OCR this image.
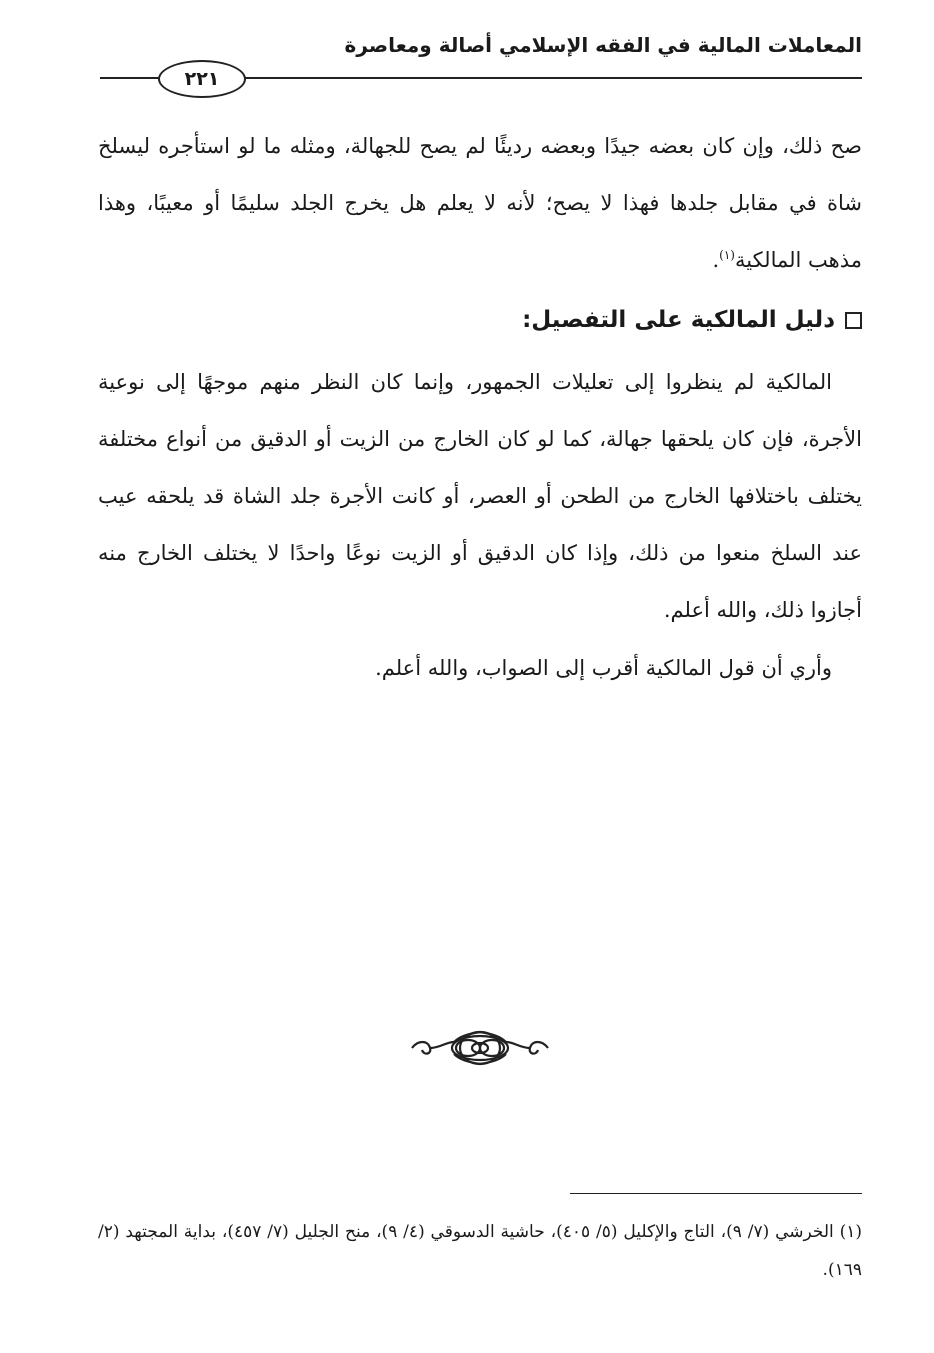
المعاملات المالية في الفقه الإسلامي أصالة ومعاصرة
٢٢١
صح ذلك، وإن كان بعضه جيدًا وبعضه رديئًا لم يصح للجهالة، ومثله ما لو استأجره ليسلخ شاة في مقابل جلدها فهذا لا يصح؛ لأنه لا يعلم هل يخرج الجلد سليمًا أو معيبًا، وهذا مذهب المالكية$^{(١)}$.
دليل المالكية على التفصيل:
المالكية لم ينظروا إلى تعليلات الجمهور، وإنما كان النظر منهم موجهًا إلى نوعية الأجرة، فإن كان يلحقها جهالة، كما لو كان الخارج من الزيت أو الدقيق من أنواع مختلفة يختلف باختلافها الخارج من الطحن أو العصر، أو كانت الأجرة جلد الشاة قد يلحقه عيب عند السلخ منعوا من ذلك، وإذا كان الدقيق أو الزيت نوعًا واحدًا لا يختلف الخارج منه أجازوا ذلك، والله أعلم.
وأري أن قول المالكية أقرب إلى الصواب، والله أعلم.
(١) الخرشي (٧/ ٩)، التاج والإكليل (٥/ ٤٠٥)، حاشية الدسوقي (٤/ ٩)، منح الجليل (٧/ ٤٥٧)، بداية المجتهد (٢/ ١٦٩).
